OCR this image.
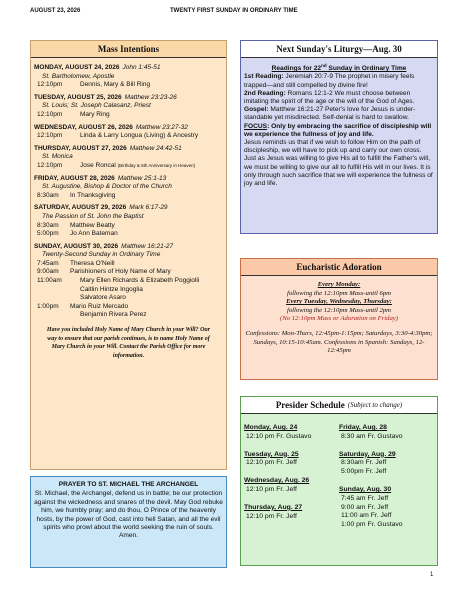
AUGUST 23, 2026	TWENTY FIRST SUNDAY IN ORDINARY TIME
Mass Intentions
MONDAY, AUGUST 24, 2026 John 1:45-51
St. Bartholomew, Apostle
12:10pm	Dennis, Mary & Bill Ring
TUESDAY, AUGUST 25, 2026 Matthew 23:23-26
St. Louis; St. Joseph Calasanz, Priest
12:10pm	Mary Ring
WEDNESDAY, AUGUST 26, 2026 Matthew 23:27-32
12:10pm	Linda & Larry Longua (Living) & Ancestry
THURSDAY, AUGUST 27, 2026 Matthew 24:42-51
St. Monica
12:10pm	Jose Roncal (Birthday & 6th Anniversary in Heaven)
FRIDAY, AUGUST 28, 2026 Matthew 25:1-13
St. Augustine, Bishop & Doctor of the Church
8:30am	In Thanksgiving
SATURDAY, AUGUST 29, 2026 Mark 6:17-29
The Passion of St. John the Baptist
8:30am	Matthew Beatty
5:00pm	Jo Ann Bateman
SUNDAY, AUGUST 30, 2026 Matthew 16:21-27
Twenty-Second Sunday in Ordinary Time
7:45am	Theresa O'Neill
9:00am	Parishioners of Holy Name of Mary
11:00am	Mary Ellen Richards & Elizabeth Poggiolli
Caitlin Hintze Ingoglia
Salvatore Asaro
1:00pm	Mario Ruiz Mercado
Benjamin Rivera Perez
Have you included Holy Name of Mary Church in your Will? Our way to ensure that our parish continues, is to name Holy Name of Mary Church in your Will. Contact the Parish Office for more information.
PRAYER TO ST. MICHAEL THE ARCHANGEL
St. Michael, the Archangel, defend us in battle; be our protection against the wickedness and snares of the devil. May God rebuke him, we humbly pray; and do thou, O Prince of the heavenly hosts, by the power of God, cast into hell Satan, and all the evil spirits who prowl about the world seeking the ruin of souls. Amen.
Next Sunday's Liturgy—Aug. 30
Readings for 22nd Sunday in Ordinary Time
1st Reading: Jeremiah 20:7-9 The prophet in misery feels trapped—and still compelled by divine fire!
2nd Reading: Romans 12:1-2 We must choose between imitating the spirit of the age or the will of the God of Ages.
Gospel: Matthew 16:21-27 Peter's love for Jesus is under-standable yet misdirected. Self-denial is hard to swallow.
FOCUS: Only by embracing the sacrifice of discipleship will we experience the fullness of joy and life.
Jesus reminds us that if we wish to follow Him on the path of discipleship, we will have to pick up and carry our own cross. Just as Jesus was willing to give His all to fulfill the Father's will, we must be willing to give our all to fulfill His will in our lives. It is only through such sacrifice that we will experience the fullness of joy and life.
Eucharistic Adoration
Every Monday:
following the 12:10pm Mass-until 6pm
Every Tuesday, Wednesday, Thursday:
following the 12:10pm Mass-until 2pm
(No 12:10pm Mass or Adoration on Friday)
Confessions: Mon-Thurs, 12:45pm-1:15pm; Saturdays, 3:30-4:30pm; Sundays, 10:15-10:45am. Confessions in Spanish: Sundays, 12-12:45pm
Presider Schedule (Subject to change)
Monday, Aug. 24
12:10 pm Fr. Gustavo
Tuesday, Aug. 25
12:10 pm Fr. Jeff
Wednesday, Aug. 26
12:10 pm Fr. Jeff
Thursday, Aug. 27
12:10 pm Fr. Jeff
Friday, Aug. 28
8:30 am Fr. Gustavo
Saturday, Aug. 29
8:30am Fr. Jeff
5:00pm Fr. Jeff
Sunday, Aug. 30
7:45 am Fr. Jeff
9:00 am Fr. Jeff
11:00 am Fr. Jeff
1:00 pm Fr. Gustavo
1
